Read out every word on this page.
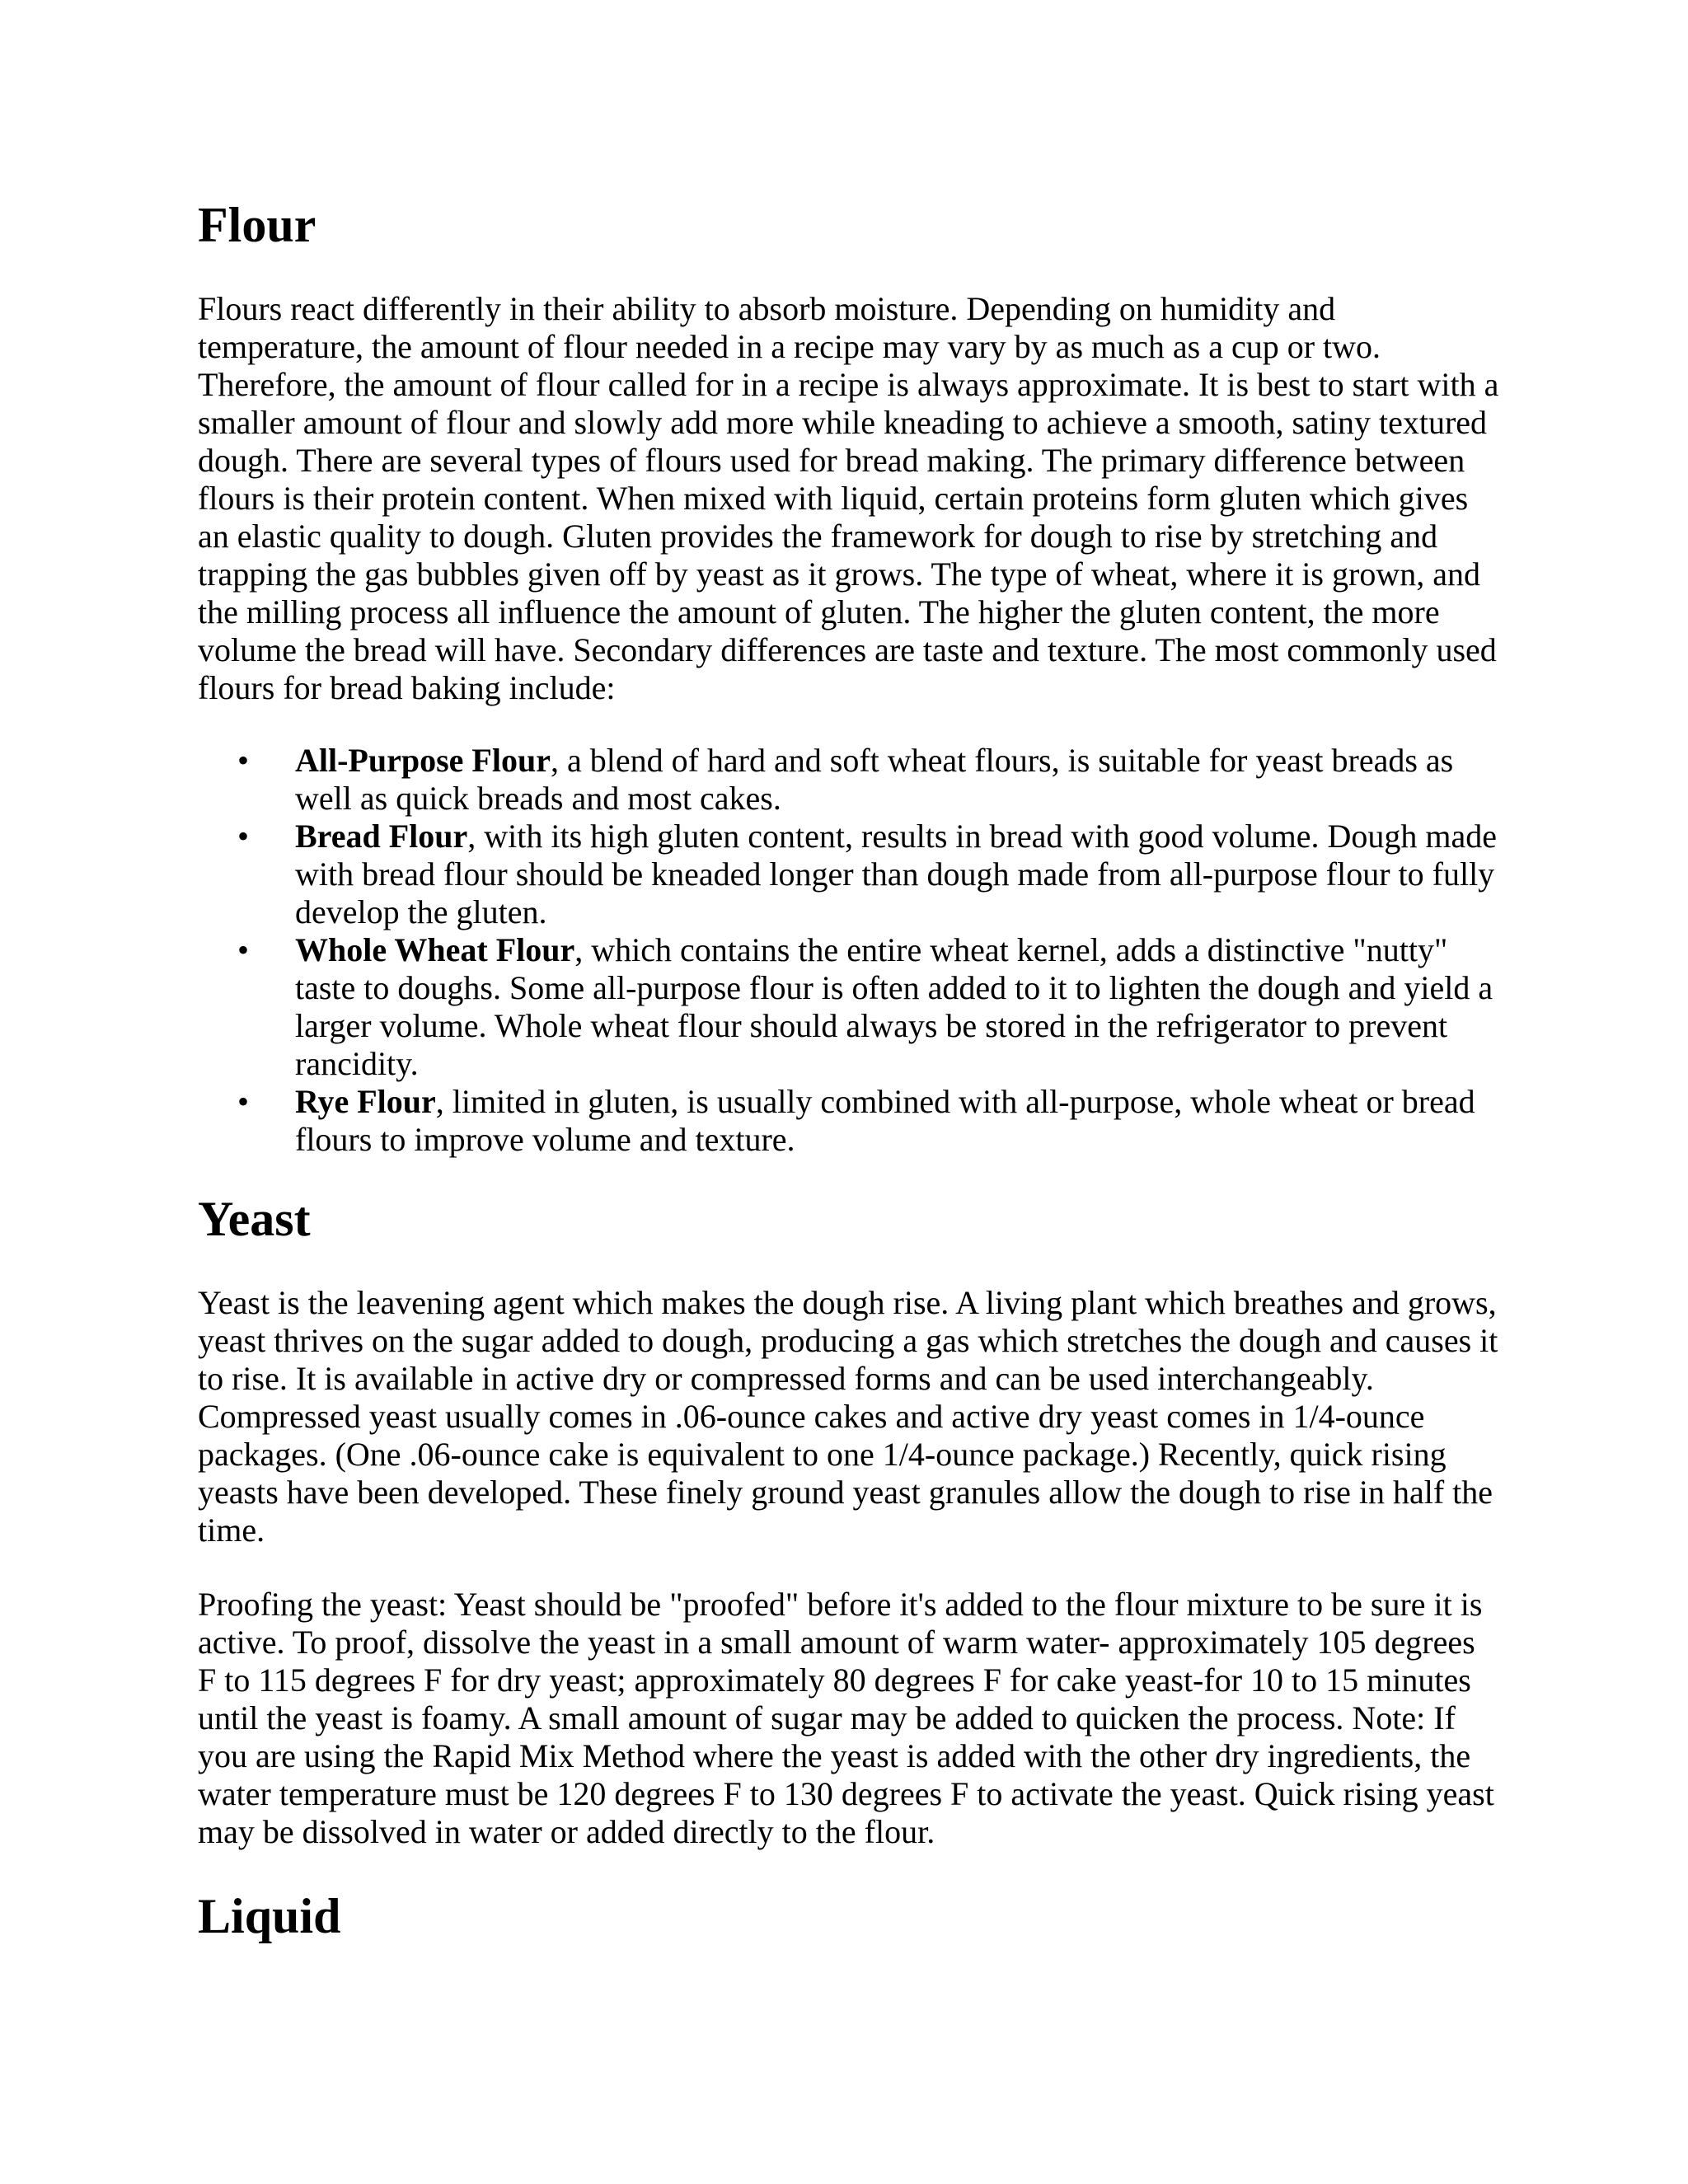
Flour

Flours react differently in their ability to absorb moisture. Depending on humidity and temperature, the amount of flour needed in a recipe may vary by as much as a cup or two. Therefore, the amount of flour called for in a recipe is always approximate. It is best to start with a smaller amount of flour and slowly add more while kneading to achieve a smooth, satiny textured dough. There are several types of flours used for bread making. The primary difference between flours is their protein content. When mixed with liquid, certain proteins form gluten which gives an elastic quality to dough. Gluten provides the framework for dough to rise by stretching and trapping the gas bubbles given off by yeast as it grows. The type of wheat, where it is grown, and the milling process all influence the amount of gluten. The higher the gluten content, the more volume the bread will have. Secondary differences are taste and texture. The most commonly used flours for bread baking include:

• All-Purpose Flour, a blend of hard and soft wheat flours, is suitable for yeast breads as well as quick breads and most cakes.
• Bread Flour, with its high gluten content, results in bread with good volume. Dough made with bread flour should be kneaded longer than dough made from all-purpose flour to fully develop the gluten.
• Whole Wheat Flour, which contains the entire wheat kernel, adds a distinctive "nutty" taste to doughs. Some all-purpose flour is often added to it to lighten the dough and yield a larger volume. Whole wheat flour should always be stored in the refrigerator to prevent rancidity.
• Rye Flour, limited in gluten, is usually combined with all-purpose, whole wheat or bread flours to improve volume and texture.
Yeast

Yeast is the leavening agent which makes the dough rise. A living plant which breathes and grows, yeast thrives on the sugar added to dough, producing a gas which stretches the dough and causes it to rise. It is available in active dry or compressed forms and can be used interchangeably. Compressed yeast usually comes in .06-ounce cakes and active dry yeast comes in 1/4-ounce packages. (One .06-ounce cake is equivalent to one 1/4-ounce package.) Recently, quick rising yeasts have been developed. These finely ground yeast granules allow the dough to rise in half the time.

Proofing the yeast: Yeast should be "proofed" before it's added to the flour mixture to be sure it is active. To proof, dissolve the yeast in a small amount of warm water- approximately 105 degrees F to 115 degrees F for dry yeast; approximately 80 degrees F for cake yeast-for 10 to 15 minutes until the yeast is foamy. A small amount of sugar may be added to quicken the process. Note: If you are using the Rapid Mix Method where the yeast is added with the other dry ingredients, the water temperature must be 120 degrees F to 130 degrees F to activate the yeast. Quick rising yeast may be dissolved in water or added directly to the flour.

Liquid
